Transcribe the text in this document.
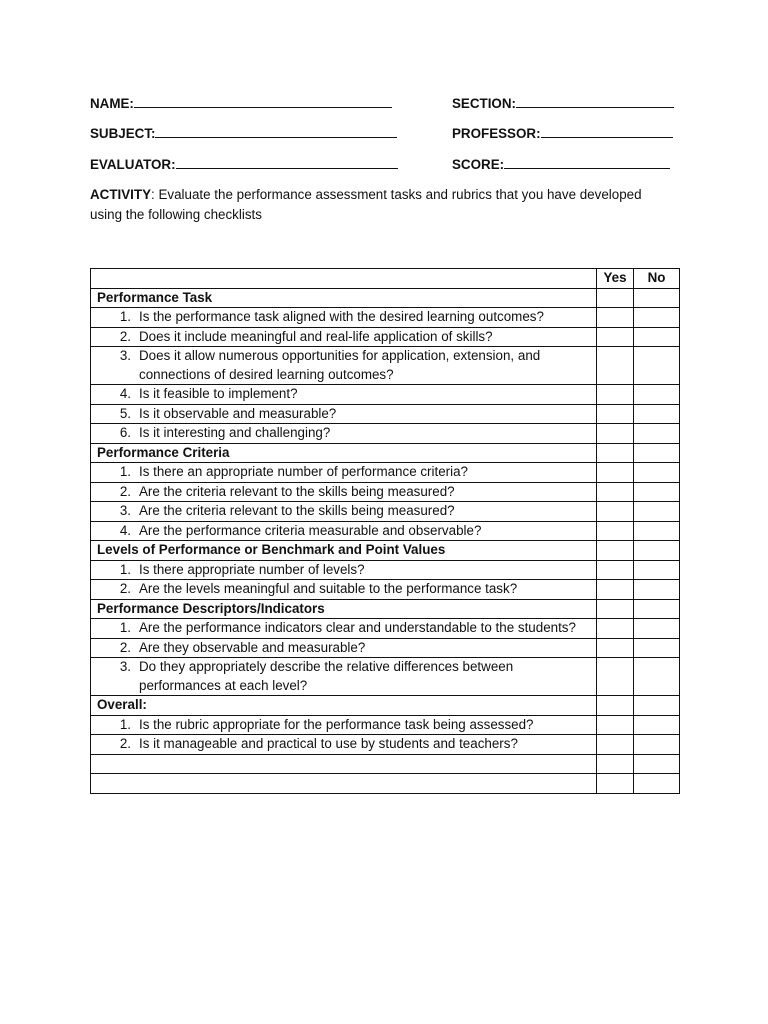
NAME:	SECTION:
SUBJECT:	PROFESSOR:
EVALUATOR:	SCORE:
ACTIVITY: Evaluate the performance assessment tasks and rubrics that you have developed using the following checklists
	Yes	No
Performance Task		
1. Is the performance task aligned with the desired learning outcomes?		
2. Does it include meaningful and real-life application of skills?		
3. Does it allow numerous opportunities for application, extension, and connections of desired learning outcomes?		
4. Is it feasible to implement?		
5. Is it observable and measurable?		
6. Is it interesting and challenging?		
Performance Criteria		
1. Is there an appropriate number of performance criteria?		
2. Are the criteria relevant to the skills being measured?		
3. Are the criteria relevant to the skills being measured?		
4. Are the performance criteria measurable and observable?		
Levels of Performance or Benchmark and Point Values		
1. Is there appropriate number of levels?		
2. Are the levels meaningful and suitable to the performance task?		
Performance Descriptors/Indicators		
1. Are the performance indicators clear and understandable to the students?		
2. Are they observable and measurable?		
3. Do they appropriately describe the relative differences between performances at each level?		
Overall:		
1. Is the rubric appropriate for the performance task being assessed?		
2. Is it manageable and practical to use by students and teachers?		
